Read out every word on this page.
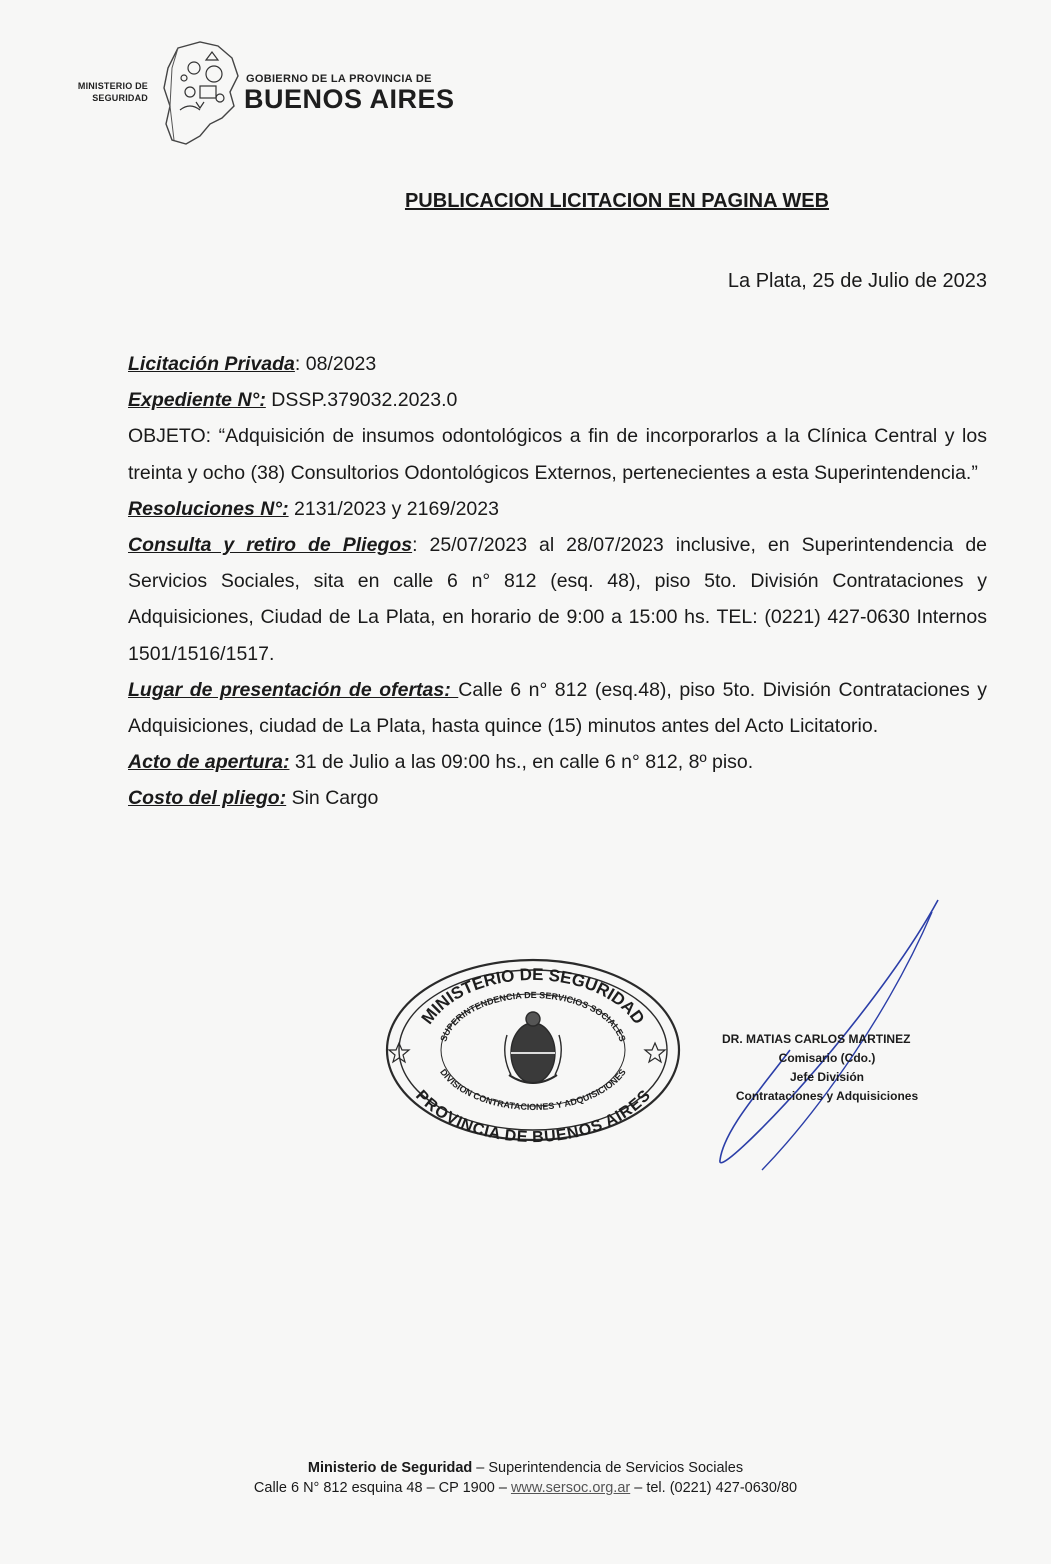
MINISTERIO DE
SEGURIDAD
GOBIERNO DE LA PROVINCIA DE
BUENOS AIRES
PUBLICACION LICITACION EN PAGINA WEB
La Plata, 25 de Julio de 2023

Licitación Privada: 08/2023

Expediente N°: DSSP.379032.2023.0

OBJETO: “Adquisición de insumos odontológicos a fin de incorporarlos a la Clínica Central y los treinta y ocho (38) Consultorios Odontológicos Externos, pertenecientes a esta Superintendencia.”

Resoluciones N°: 2131/2023 y 2169/2023

Consulta y retiro de Pliegos: 25/07/2023 al 28/07/2023 inclusive, en Superintendencia de Servicios Sociales, sita en calle 6 n° 812 (esq. 48), piso 5to. División Contrataciones y Adquisiciones, Ciudad de La Plata, en horario de 9:00 a 15:00 hs. TEL: (0221) 427-0630 Internos 1501/1516/1517.

Lugar de presentación de ofertas: Calle 6 n° 812 (esq.48), piso 5to. División Contrataciones y Adquisiciones, ciudad de La Plata, hasta quince (15) minutos antes del Acto Licitatorio.

Acto de apertura: 31 de Julio a las 09:00 hs., en calle 6 n° 812, 8º piso.

Costo del pliego: Sin Cargo

MINISTERIO DE SEGURIDAD
SUPERINTENDENCIA DE SERVICIOS SOCIALES
DIVISION CONTRATACIONES Y ADQUISICIONES
PROVINCIA DE BUENOS AIRES
DR. MATIAS CARLOS MARTINEZ
Comisario (Cdo.)
Jefe División
Contrataciones y Adquisiciones
Ministerio de Seguridad – Superintendencia de Servicios Sociales
Calle 6 N° 812 esquina 48 – CP 1900 – www.sersoc.org.ar – tel. (0221) 427-0630/80
